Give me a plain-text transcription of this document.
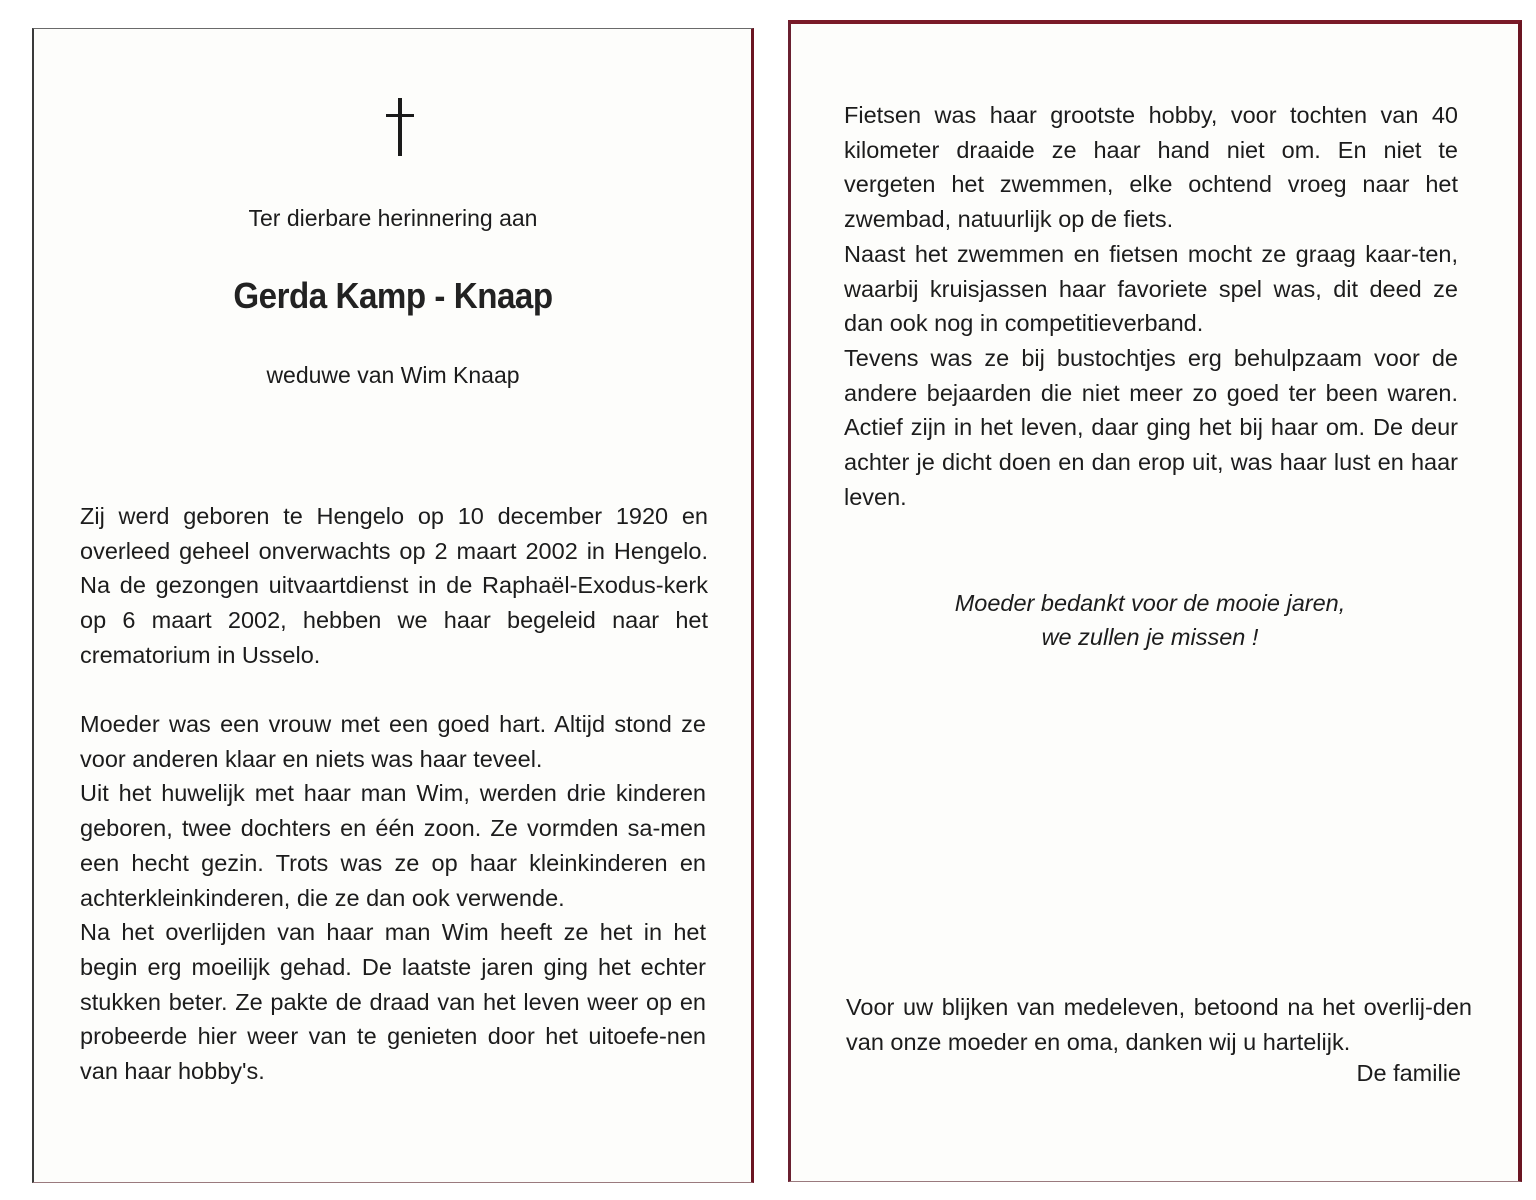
Ter dierbare herinnering aan

Gerda Kamp - Knaap

weduwe van Wim Knaap

Zij werd geboren te Hengelo op 10 december 1920 en overleed geheel onverwachts op 2 maart 2002 in Hengelo. Na de gezongen uitvaartdienst in de Raphaël-Exodus-kerk op 6 maart 2002, hebben we haar begeleid naar het crematorium in Usselo.

Moeder was een vrouw met een goed hart. Altijd stond ze voor anderen klaar en niets was haar teveel.
Uit het huwelijk met haar man Wim, werden drie kinderen geboren, twee dochters en één zoon. Ze vormden sa-men een hecht gezin. Trots was ze op haar kleinkinderen en achterkleinkinderen, die ze dan ook verwende.
Na het overlijden van haar man Wim heeft ze het in het begin erg moeilijk gehad. De laatste jaren ging het echter stukken beter. Ze pakte de draad van het leven weer op en probeerde hier weer van te genieten door het uitoefe-nen van haar hobby's.
Fietsen was haar grootste hobby, voor tochten van 40 kilometer draaide ze haar hand niet om. En niet te vergeten het zwemmen, elke ochtend vroeg naar het zwembad, natuurlijk op de fiets.
Naast het zwemmen en fietsen mocht ze graag kaar-ten, waarbij kruisjassen haar favoriete spel was, dit deed ze dan ook nog in competitieverband.
Tevens was ze bij bustochtjes erg behulpzaam voor de andere bejaarden die niet meer zo goed ter been waren. Actief zijn in het leven, daar ging het bij haar om. De deur achter je dicht doen en dan erop uit, was haar lust en haar leven.

Moeder bedankt voor de mooie jaren,
we zullen je missen !

Voor uw blijken van medeleven, betoond na het overlij-den van onze moeder en oma, danken wij u hartelijk.

De familie
